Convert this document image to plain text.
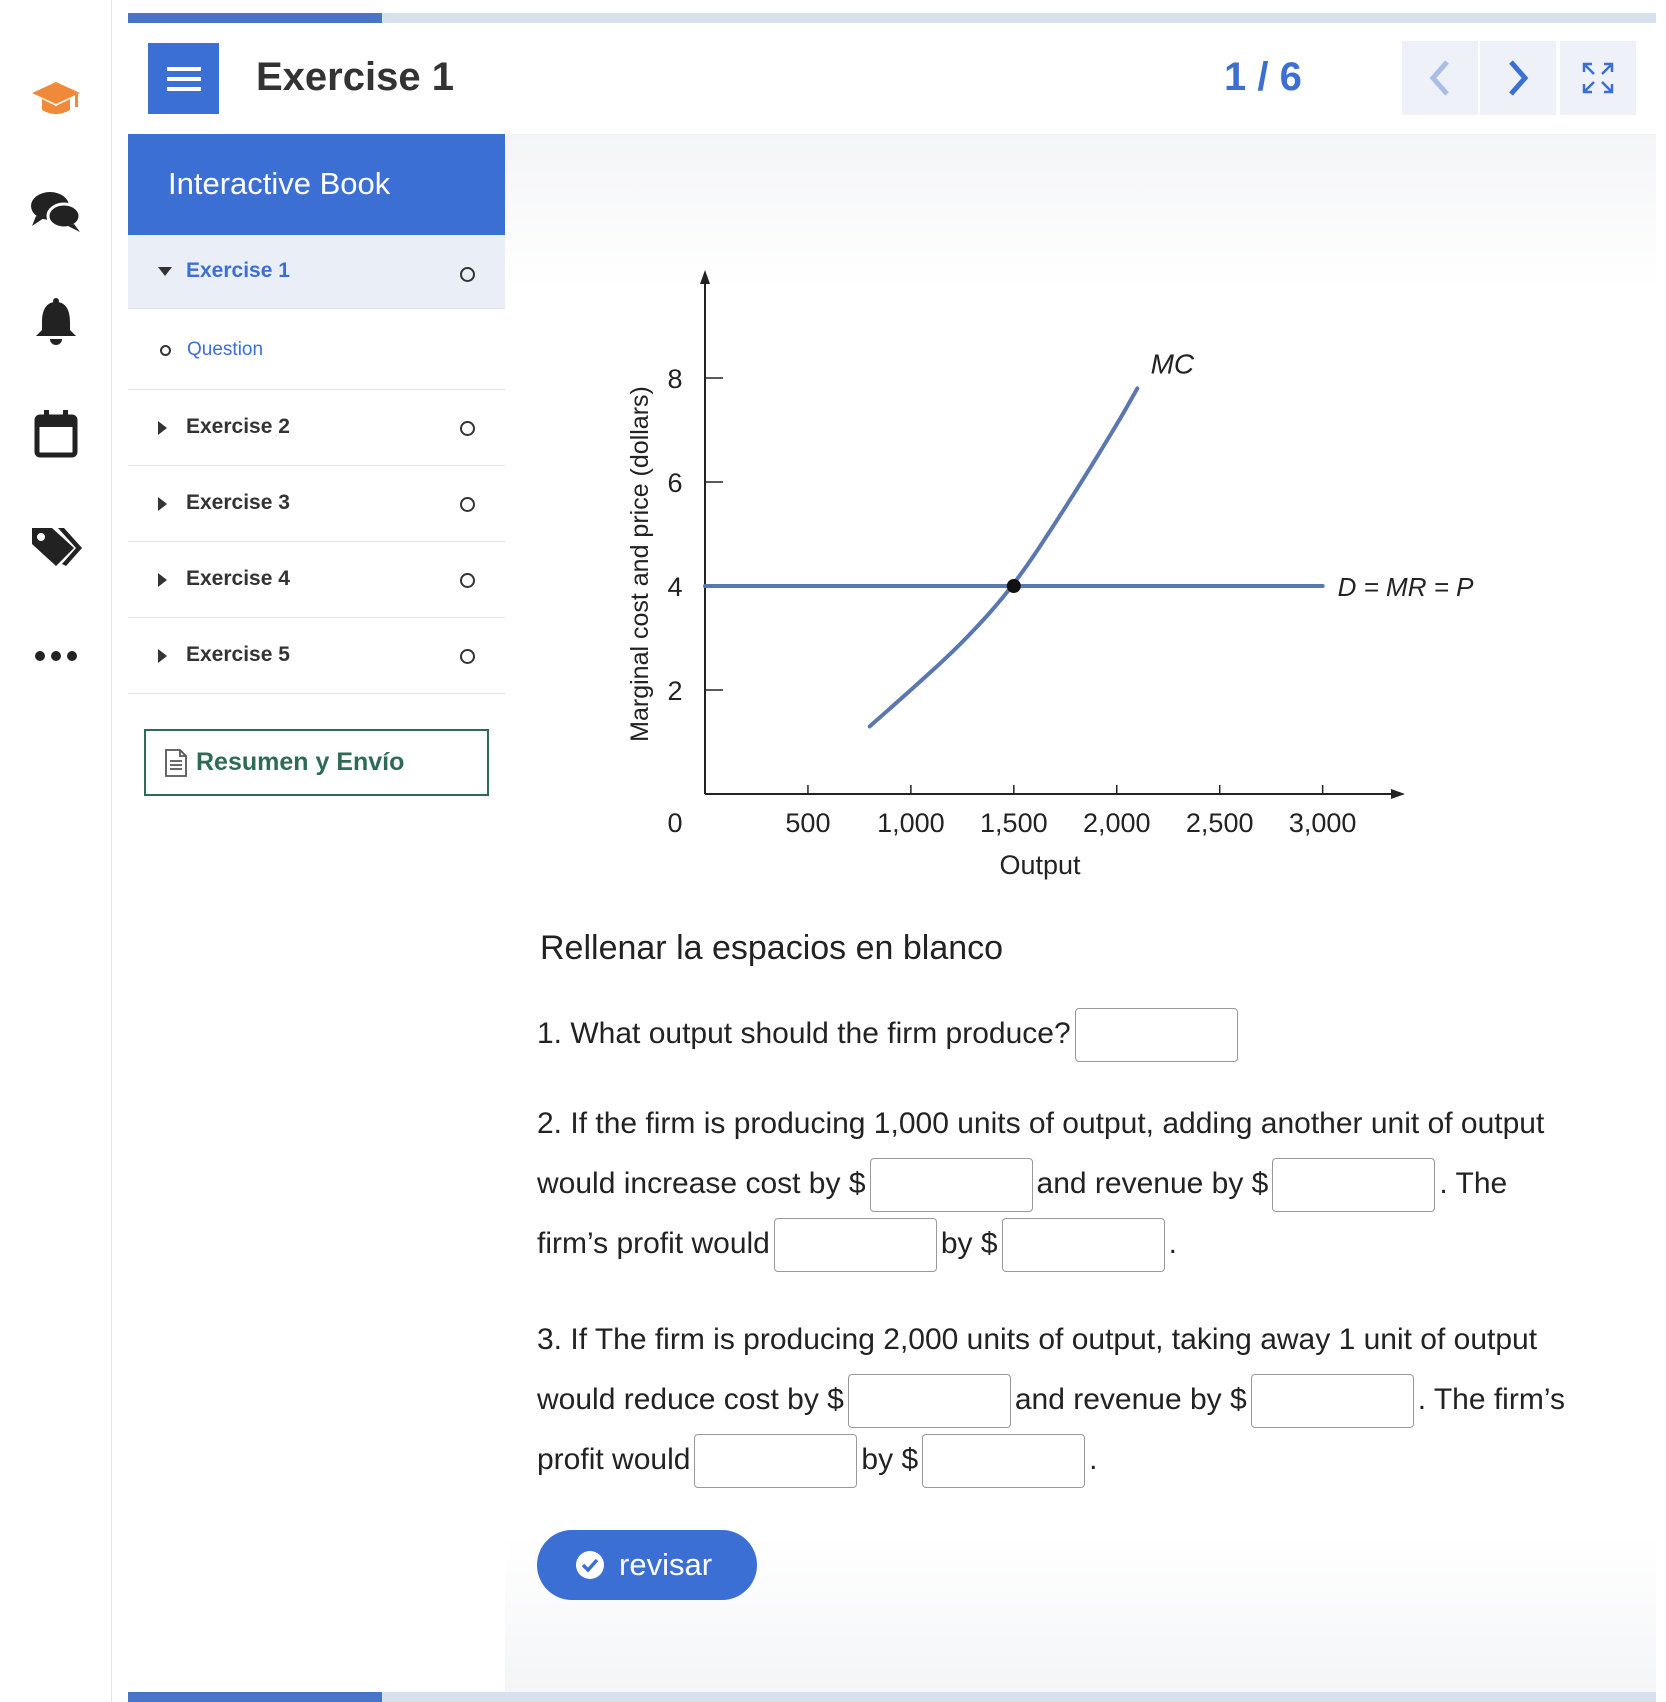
Exercise 1	1 / 6
Interactive Book
Exercise 1
Question
Exercise 2
Exercise 3
Exercise 4
Exercise 5
Resumen y Envío
500 1,000 1,500 2,000 2,500 3,000
2
4
6
8
0
Output
Marginal cost and price (dollars)
MC
D = MR = P
Rellenar la espacios en blanco
1. What output should the firm produce?
2. If the firm is producing 1,000 units of output, adding another unit of output
would increase cost by $	and revenue by $	. The
firm’s profit would	by $	.
3. If The firm is producing 2,000 units of output, taking away 1 unit of output
would reduce cost by $	and revenue by $	. The firm’s
profit would	by $	.
revisar
